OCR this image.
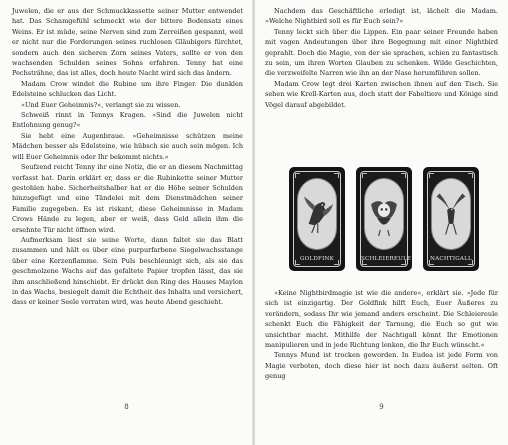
Juwelen, die er aus der Schmuckkassette seiner Mutter entwendet hat. Das Schamgefühl schmeckt wie der bittere Bodensatz eines Weins. Er ist müde, seine Nerven sind zum Zerreißen gespannt, weil er nicht nur die Forderungen seines ruchlosen Gläubigers fürchtet, sondern auch den sicheren Zorn seines Vaters, sollte er von den wachsenden Schulden seines Sohns erfahren. Tenny hat eine Pechsträhne, das ist alles, doch heute Nacht wird sich das ändern.

Madam Crow windet die Rubine um ihre Finger. Die dunklen Edelsteine schlucken das Licht.

»Und Euer Geheimnis?«, verlangt sie zu wissen.

Schweiß rinnt in Tennys Kragen. »Sind die Juwelen nicht Entlohnung genug?«

Sie hebt eine Augenbraue. »Geheimnisse schützen meine Mädchen besser als Edelsteine, wie hübsch sie auch sein mögen. Ich will Euer Geheimnis oder Ihr bekommt nichts.«

Seufzend reicht Tenny ihr eine Notiz, die er an diesem Nachmittag verfasst hat. Darin erklärt er, dass er die Rubinkette seiner Mutter gestohlen habe. Sicherheitshalber hat er die Höhe seiner Schulden hinzugefügt und eine Tändelei mit dem Dienstmädchen seiner Familie zugegeben. Es ist riskant, diese Geheimnisse in Madam Crows Hände zu legen, aber er weiß, dass Geld allein ihm die ersehnte Tür nicht öffnen wird.

Aufmerksam liest sie seine Worte, dann faltet sie das Blatt zusammen und hält es über eine purpurfarbene Siegelwachsstange über eine Kerzenflamme. Sein Puls beschleunigt sich, als sie das geschmolzene Wachs auf das gefaltete Papier tropfen lässt, das sie ihm anschließend hinschiebt. Er drückt den Ring des Hauses Maylon in das Wachs, besiegelt damit die Echtheit des Inhalts und versichert, dass er keiner Seele verraten wird, was heute Abend geschieht.

8

Nachdem das Geschäftliche erledigt ist, lächelt die Madam. »Welche Nightbird soll es für Euch sein?«

Tenny leckt sich über die Lippen. Ein paar seiner Freunde haben mit vagen Andeutungen über ihre Begegnung mit einer Nightbird geprahlt. Doch die Magie, von der sie sprachen, schien zu fantastisch zu sein, um ihren Worten Glauben zu schenken. Wilde Geschichten, die verzweifelte Narren wie ihn an der Nase herumführen sollen.

Madam Crow legt drei Karten zwischen ihnen auf den Tisch. Sie sehen wie Krell-Karten aus, doch statt der Fabeltiere und Könige sind Vögel darauf abgebildet.

GOLDFINK	SCHLEIEREULE	NACHTIGALL

»Keine Nightbirdmagie ist wie die andere«, erklärt sie. »Jede für sich ist einzigartig. Der Goldfink hilft Euch, Euer Äußeres zu verändern, sodass Ihr wie jemand anders erscheint. Die Schleiereule schenkt Euch die Fähigkeit der Tarnung, die Euch so gut wie unsichtbar macht. Mithilfe der Nachtigall könnt Ihr Emotionen manipulieren und in jede Richtung lenken, die Ihr Euch wünscht.«

Tennys Mund ist trocken geworden. In Eudea ist jede Form von Magie verboten, doch diese hier ist noch dazu äußerst selten. Oft genug

9
